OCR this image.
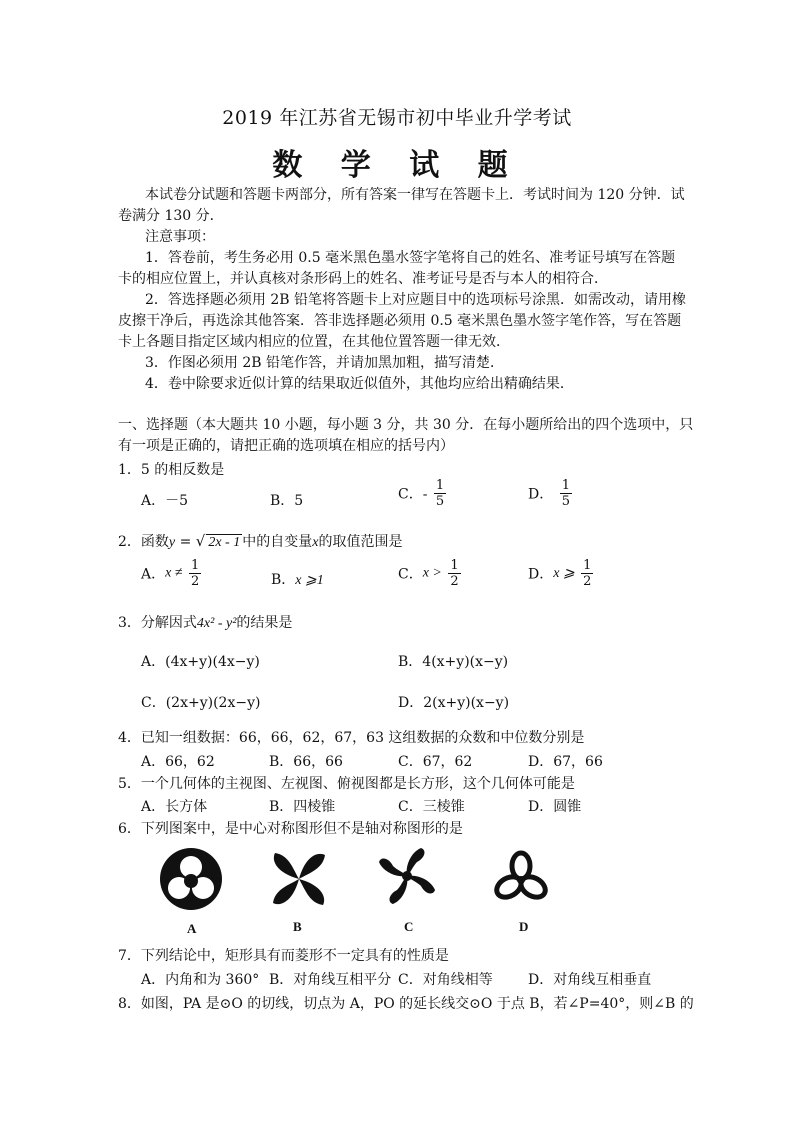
2019 年江苏省无锡市初中毕业升学考试
数 学 试 题
本试卷分试题和答题卡两部分，所有答案一律写在答题卡上．考试时间为 120 分钟．试
卷满分 130 分．
注意事项：
1．答卷前，考生务必用 0.5 毫米黑色墨水签字笔将自己的姓名、准考证号填写在答题
卡的相应位置上，并认真核对条形码上的姓名、准考证号是否与本人的相符合．
2．答选择题必须用 2B 铅笔将答题卡上对应题目中的选项标号涂黑．如需改动，请用橡
皮擦干净后，再选涂其他答案．答非选择题必须用 0.5 毫米黑色墨水签字笔作答，写在答题
卡上各题目指定区域内相应的位置，在其他位置答题一律无效．
3．作图必须用 2B 铅笔作答，并请加黑加粗，描写清楚．
4．卷中除要求近似计算的结果取近似值外，其他均应给出精确结果．
一、选择题（本大题共 10 小题，每小题 3 分，共 30 分．在每小题所给出的四个选项中，只
有一项是正确的，请把正确的选项填在相应的括号内）
1．5 的相反数是
A．－5	B．5	C．- $\frac{1}{5}$	D． $\frac{1}{5}$
2．函数y = √ 2x - 1 中的自变量x的取值范围是
A．$x \ne \frac{1}{2}$	B．x ⩾1	C．$x > \frac{1}{2}$	D．x ⩾ $\frac{1}{2}$
3．分解因式4x² - y²的结果是
A．(4x+y)(4x−y)	B．4(x+y)(x−y)
C．(2x+y)(2x−y)	D．2(x+y)(x−y)
4．已知一组数据：66，66，62，67，63 这组数据的众数和中位数分别是
A．66，62	B．66，66	C．67，62	D．67，66
5．一个几何体的主视图、左视图、俯视图都是长方形，这个几何体可能是
A．长方体	B．四棱锥	C．三棱锥	D．圆锥
6．下列图案中，是中心对称图形但不是轴对称图形的是
A	B	C	D
7．下列结论中，矩形具有而菱形不一定具有的性质是
A．内角和为 360° B．对角线互相平分 C．对角线相等	D．对角线互相垂直
8．如图，PA 是⊙O 的切线，切点为 A，PO 的延长线交⊙O 于点 B，若∠P=40°，则∠B 的
